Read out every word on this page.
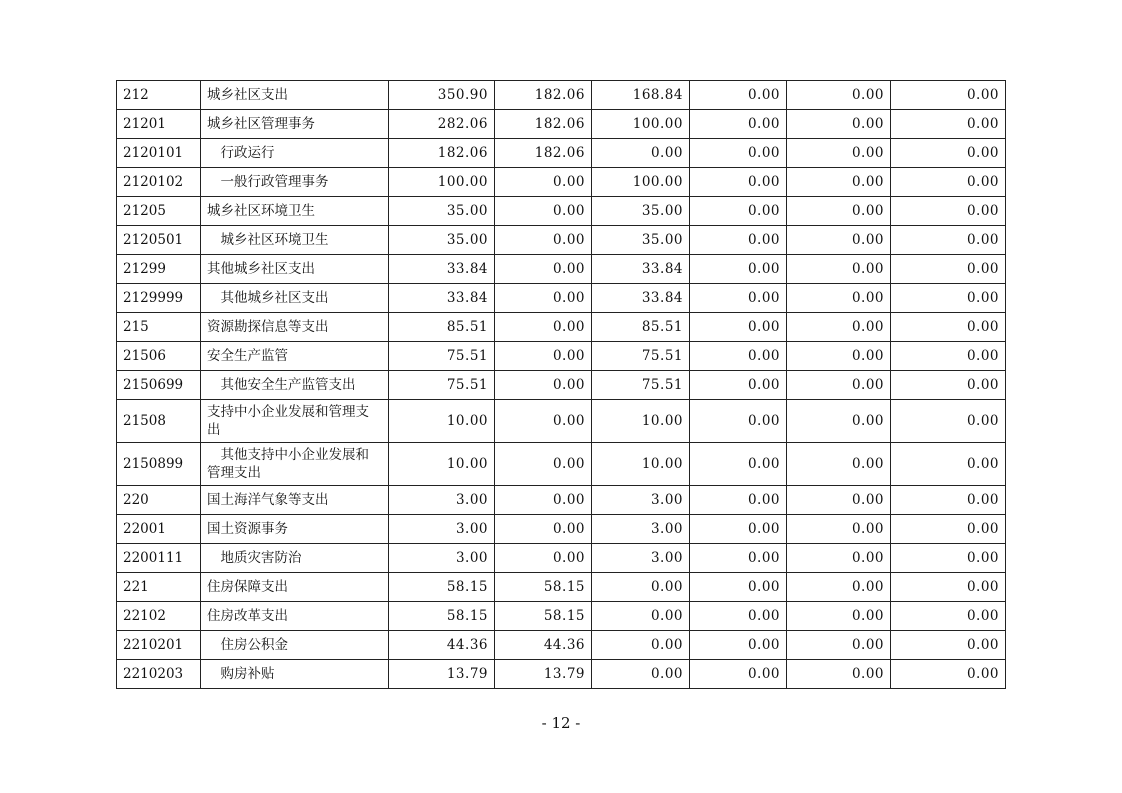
212	城乡社区支出	350.90	182.06	168.84	0.00	0.00	0.00
21201	城乡社区管理事务	282.06	182.06	100.00	0.00	0.00	0.00
2120101	行政运行	182.06	182.06	0.00	0.00	0.00	0.00
2120102	一般行政管理事务	100.00	0.00	100.00	0.00	0.00	0.00
21205	城乡社区环境卫生	35.00	0.00	35.00	0.00	0.00	0.00
2120501	城乡社区环境卫生	35.00	0.00	35.00	0.00	0.00	0.00
21299	其他城乡社区支出	33.84	0.00	33.84	0.00	0.00	0.00
2129999	其他城乡社区支出	33.84	0.00	33.84	0.00	0.00	0.00
215	资源勘探信息等支出	85.51	0.00	85.51	0.00	0.00	0.00
21506	安全生产监管	75.51	0.00	75.51	0.00	0.00	0.00
2150699	其他安全生产监管支出	75.51	0.00	75.51	0.00	0.00	0.00
21508	支持中小企业发展和管理支出	10.00	0.00	10.00	0.00	0.00	0.00
2150899	其他支持中小企业发展和管理支出	10.00	0.00	10.00	0.00	0.00	0.00
220	国土海洋气象等支出	3.00	0.00	3.00	0.00	0.00	0.00
22001	国土资源事务	3.00	0.00	3.00	0.00	0.00	0.00
2200111	地质灾害防治	3.00	0.00	3.00	0.00	0.00	0.00
221	住房保障支出	58.15	58.15	0.00	0.00	0.00	0.00
22102	住房改革支出	58.15	58.15	0.00	0.00	0.00	0.00
2210201	住房公积金	44.36	44.36	0.00	0.00	0.00	0.00
2210203	购房补贴	13.79	13.79	0.00	0.00	0.00	0.00
- 12 -
